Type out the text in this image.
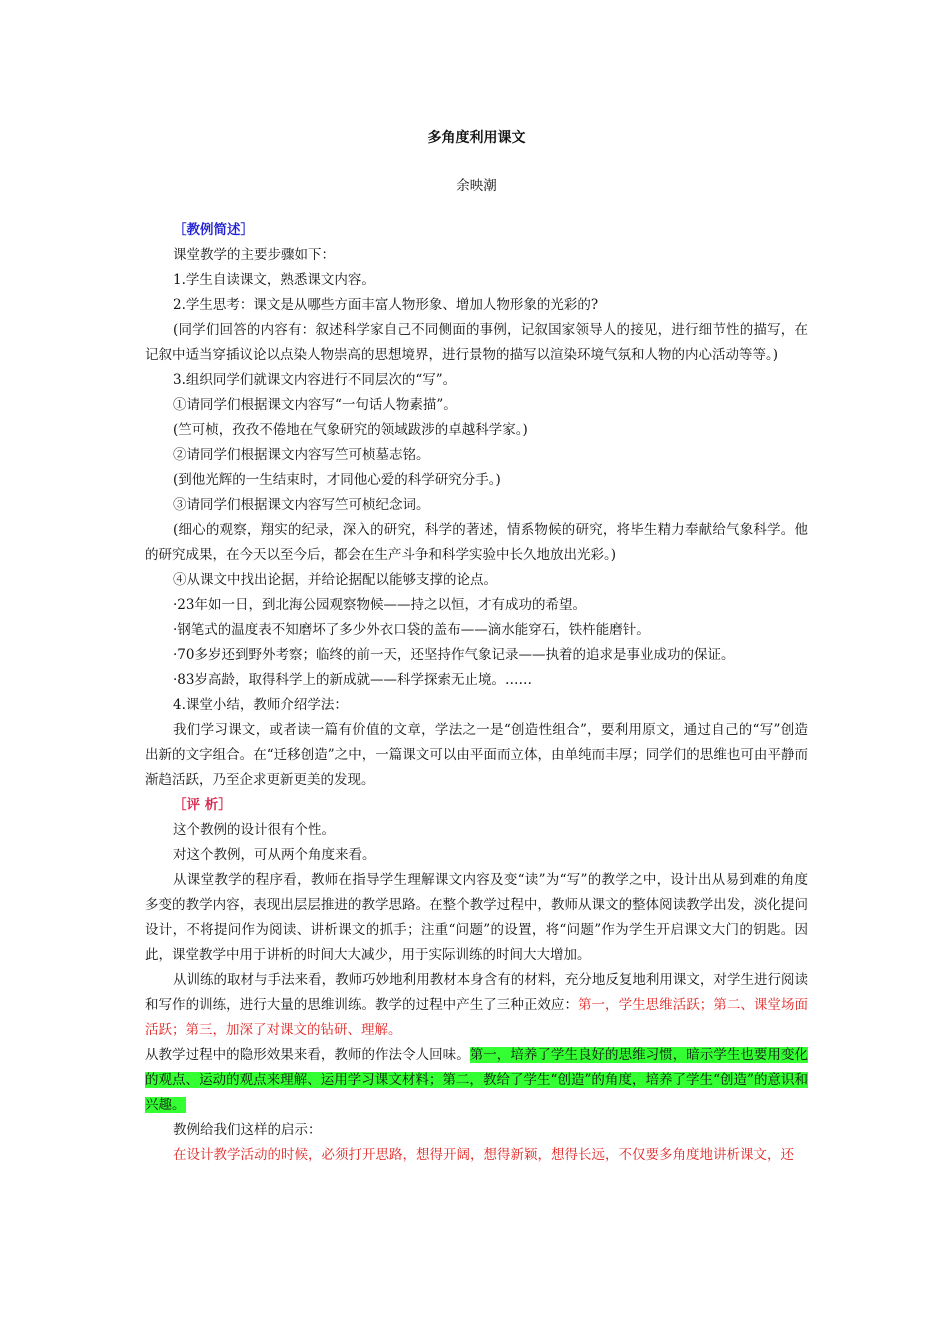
多角度利用课文
余映潮
［教例简述］

课堂教学的主要步骤如下：

1.学生自读课文，熟悉课文内容。

2.学生思考：课文是从哪些方面丰富人物形象、增加人物形象的光彩的?

(同学们回答的内容有：叙述科学家自己不同侧面的事例，记叙国家领导人的接见，进行细节性的描写，在记叙中适当穿插议论以点染人物崇高的思想境界，进行景物的描写以渲染环境气氛和人物的内心活动等等。)

3.组织同学们就课文内容进行不同层次的“写”。

①请同学们根据课文内容写“一句话人物素描”。

(竺可桢，孜孜不倦地在气象研究的领域跋涉的卓越科学家。)

②请同学们根据课文内容写竺可桢墓志铭。

(到他光辉的一生结束时，才同他心爱的科学研究分手。)

③请同学们根据课文内容写竺可桢纪念词。

(细心的观察，翔实的纪录，深入的研究，科学的著述，情系物候的研究，将毕生精力奉献给气象科学。他的研究成果，在今天以至今后，都会在生产斗争和科学实验中长久地放出光彩。)

④从课文中找出论据，并给论据配以能够支撑的论点。

·23年如一日，到北海公园观察物候——持之以恒，才有成功的希望。

·钢笔式的温度表不知磨坏了多少外衣口袋的盖布——滴水能穿石，铁杵能磨针。

·70多岁还到野外考察；临终的前一天，还坚持作气象记录——执着的追求是事业成功的保证。

·83岁高龄，取得科学上的新成就——科学探索无止境。……

4.课堂小结，教师介绍学法：

我们学习课文，或者读一篇有价值的文章，学法之一是“创造性组合”，要利用原文，通过自己的“写”创造出新的文字组合。在“迁移创造”之中，一篇课文可以由平面而立体，由单纯而丰厚；同学们的思维也可由平静而渐趋活跃，乃至企求更新更美的发现。

［评 析］

这个教例的设计很有个性。

对这个教例，可从两个角度来看。

从课堂教学的程序看，教师在指导学生理解课文内容及变“读”为“写”的教学之中，设计出从易到难的角度多变的教学内容，表现出层层推进的教学思路。在整个教学过程中，教师从课文的整体阅读教学出发，淡化提问设计，不将提问作为阅读、讲析课文的抓手；注重“问题”的设置，将“问题”作为学生开启课文大门的钥匙。因此，课堂教学中用于讲析的时间大大减少，用于实际训练的时间大大增加。

从训练的取材与手法来看，教师巧妙地利用教材本身含有的材料，充分地反复地利用课文，对学生进行阅读和写作的训练，进行大量的思维训练。教学的过程中产生了三种正效应：第一，学生思维活跃；第二、课堂场面活跃；第三，加深了对课文的钻研、理解。

从教学过程中的隐形效果来看，教师的作法令人回味。第一，培养了学生良好的思维习惯，暗示学生也要用变化的观点、运动的观点来理解、运用学习课文材料；第二，教给了学生“创造”的角度，培养了学生“创造”的意识和兴趣。

教例给我们这样的启示：

在设计教学活动的时候，必须打开思路，想得开阔，想得新颖，想得长远，不仅要多角度地讲析课文，还
